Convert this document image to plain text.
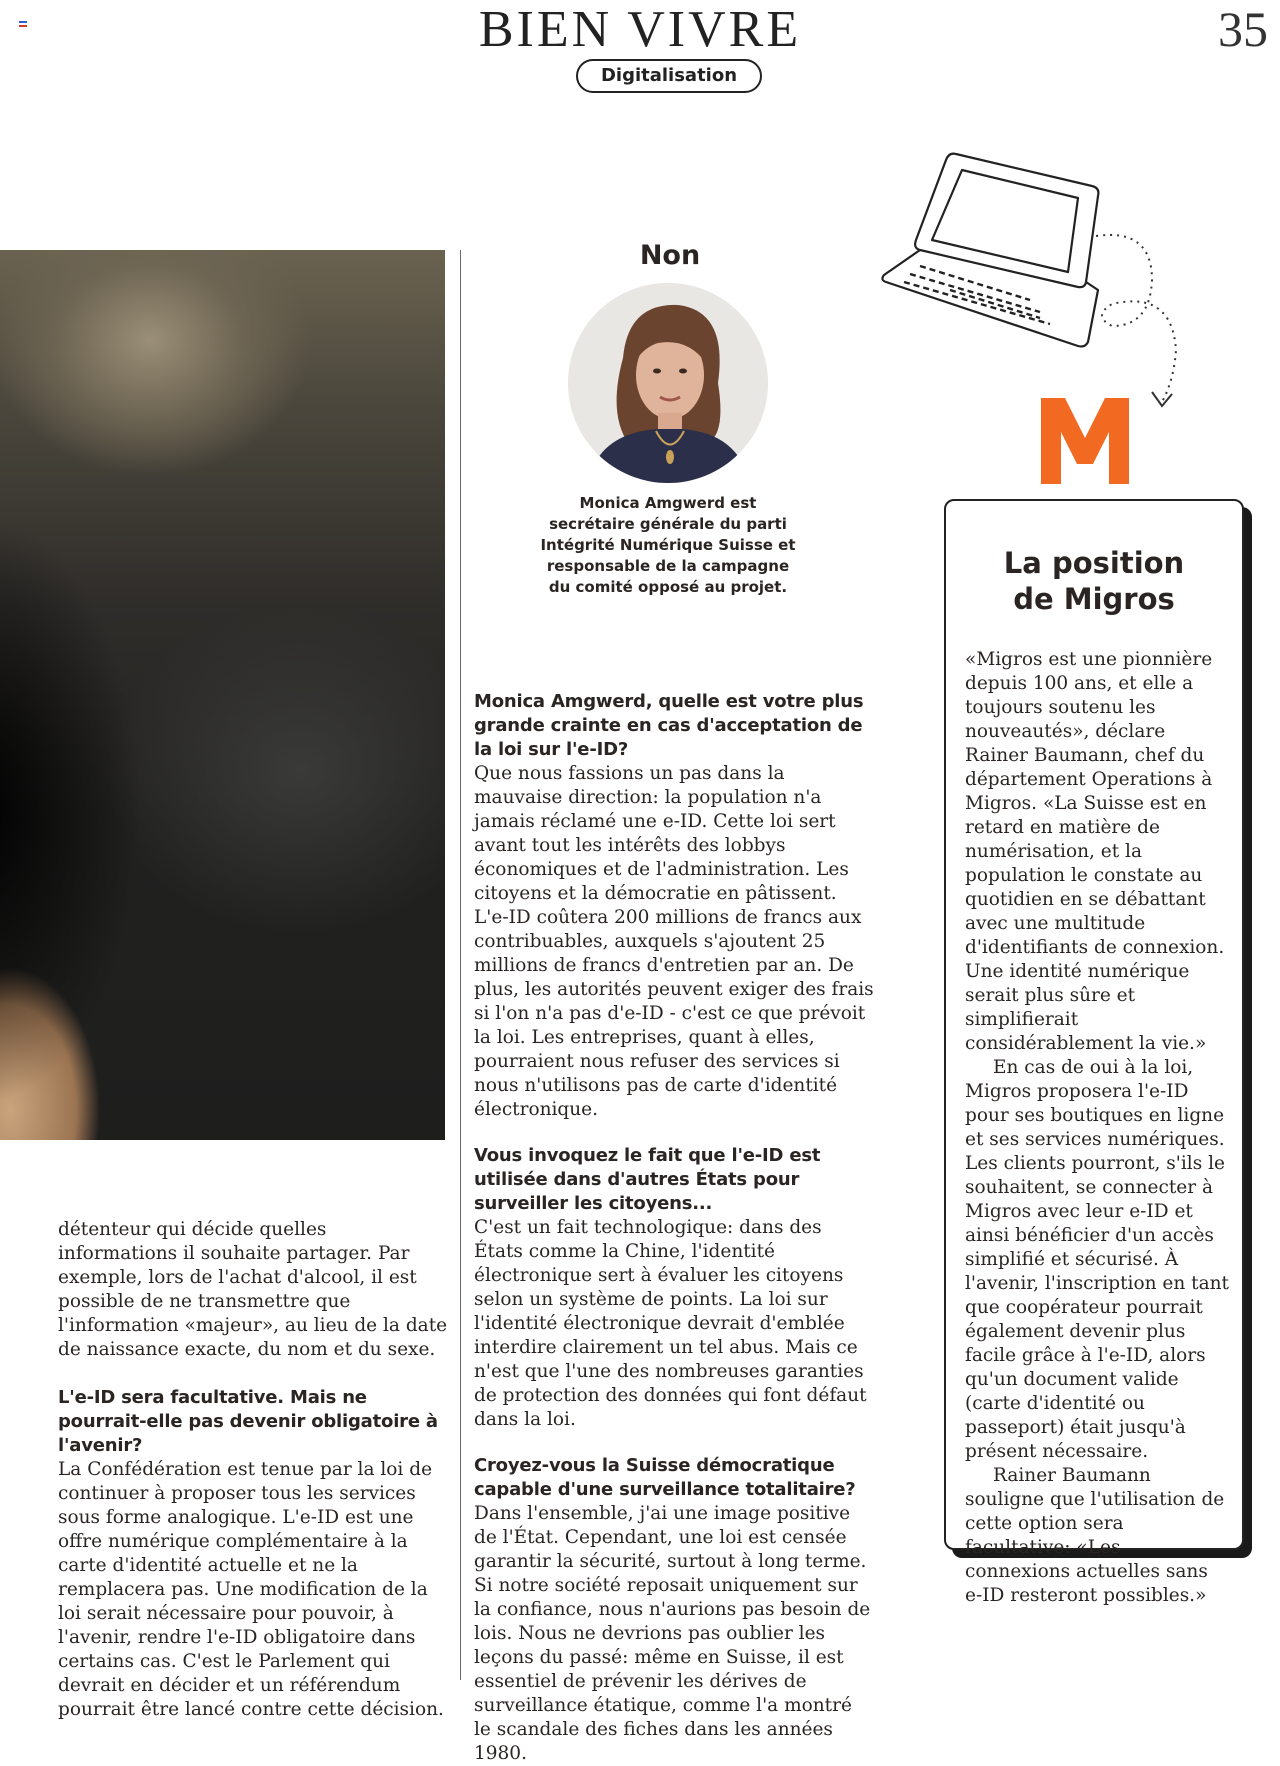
BIEN VIVRE	35
Digitalisation
Non
Monica Amgwerd est secrétaire générale du parti Intégrité Numérique Suisse et responsable de la campagne du comité opposé au projet.
M
La position
de Migros

«Migros est une pionnière depuis 100 ans, et elle a toujours soutenu les nouveautés», déclare Rainer Baumann, chef du département Operations à Migros. «La Suisse est en retard en matière de numérisation, et la population le constate au quotidien en se débattant avec une multitude d'identifiants de connexion. Une identité numérique serait plus sûre et simplifierait considérablement la vie.»

En cas de oui à la loi, Migros proposera l'e-ID pour ses boutiques en ligne et ses services numériques. Les clients pourront, s'ils le souhaitent, se connecter à Migros avec leur e-ID et ainsi bénéficier d'un accès simplifié et sécurisé. À l'avenir, l'inscription en tant que coopérateur pourrait également devenir plus facile grâce à l'e-ID, alors qu'un document valide (carte d'identité ou passeport) était jusqu'à présent nécessaire.

Rainer Baumann souligne que l'utilisation de cette option sera facultative: «Les connexions actuelles sans e-ID resteront possibles.»

détenteur qui décide quelles informations il souhaite partager. Par exemple, lors de l'achat d'alcool, il est possible de ne transmettre que l'information «majeur», au lieu de la date de naissance exacte, du nom et du sexe.

L'e-ID sera facultative. Mais ne pourrait-elle pas devenir obligatoire à l'avenir?

La Confédération est tenue par la loi de continuer à proposer tous les services sous forme analogique. L'e-ID est une offre numérique complémentaire à la carte d'identité actuelle et ne la remplacera pas. Une modification de la loi serait nécessaire pour pouvoir, à l'avenir, rendre l'e-ID obligatoire dans certains cas. C'est le Parlement qui devrait en décider et un référendum pourrait être lancé contre cette décision.

Monica Amgwerd, quelle est votre plus grande crainte en cas d'acceptation de la loi sur l'e-ID?

Que nous fassions un pas dans la mauvaise direction: la population n'a jamais réclamé une e-ID. Cette loi sert avant tout les intérêts des lobbys économiques et de l'administration. Les citoyens et la démocratie en pâtissent. L'e-ID coûtera 200 millions de francs aux contribuables, auxquels s'ajoutent 25 millions de francs d'entretien par an. De plus, les autorités peuvent exiger des frais si l'on n'a pas d'e-ID - c'est ce que prévoit la loi. Les entreprises, quant à elles, pourraient nous refuser des services si nous n'utilisons pas de carte d'identité électronique.

Vous invoquez le fait que l'e-ID est utilisée dans d'autres États pour surveiller les citoyens...

C'est un fait technologique: dans des États comme la Chine, l'identité électronique sert à évaluer les citoyens selon un système de points. La loi sur l'identité électronique devrait d'emblée interdire clairement un tel abus. Mais ce n'est que l'une des nombreuses garanties de protection des données qui font défaut dans la loi.

Croyez-vous la Suisse démocratique capable d'une surveillance totalitaire?

Dans l'ensemble, j'ai une image positive de l'État. Cependant, une loi est censée garantir la sécurité, surtout à long terme. Si notre société reposait uniquement sur la confiance, nous n'aurions pas besoin de lois. Nous ne devrions pas oublier les leçons du passé: même en Suisse, il est essentiel de prévenir les dérives de surveillance étatique, comme l'a montré le scandale des fiches dans les années 1980.
